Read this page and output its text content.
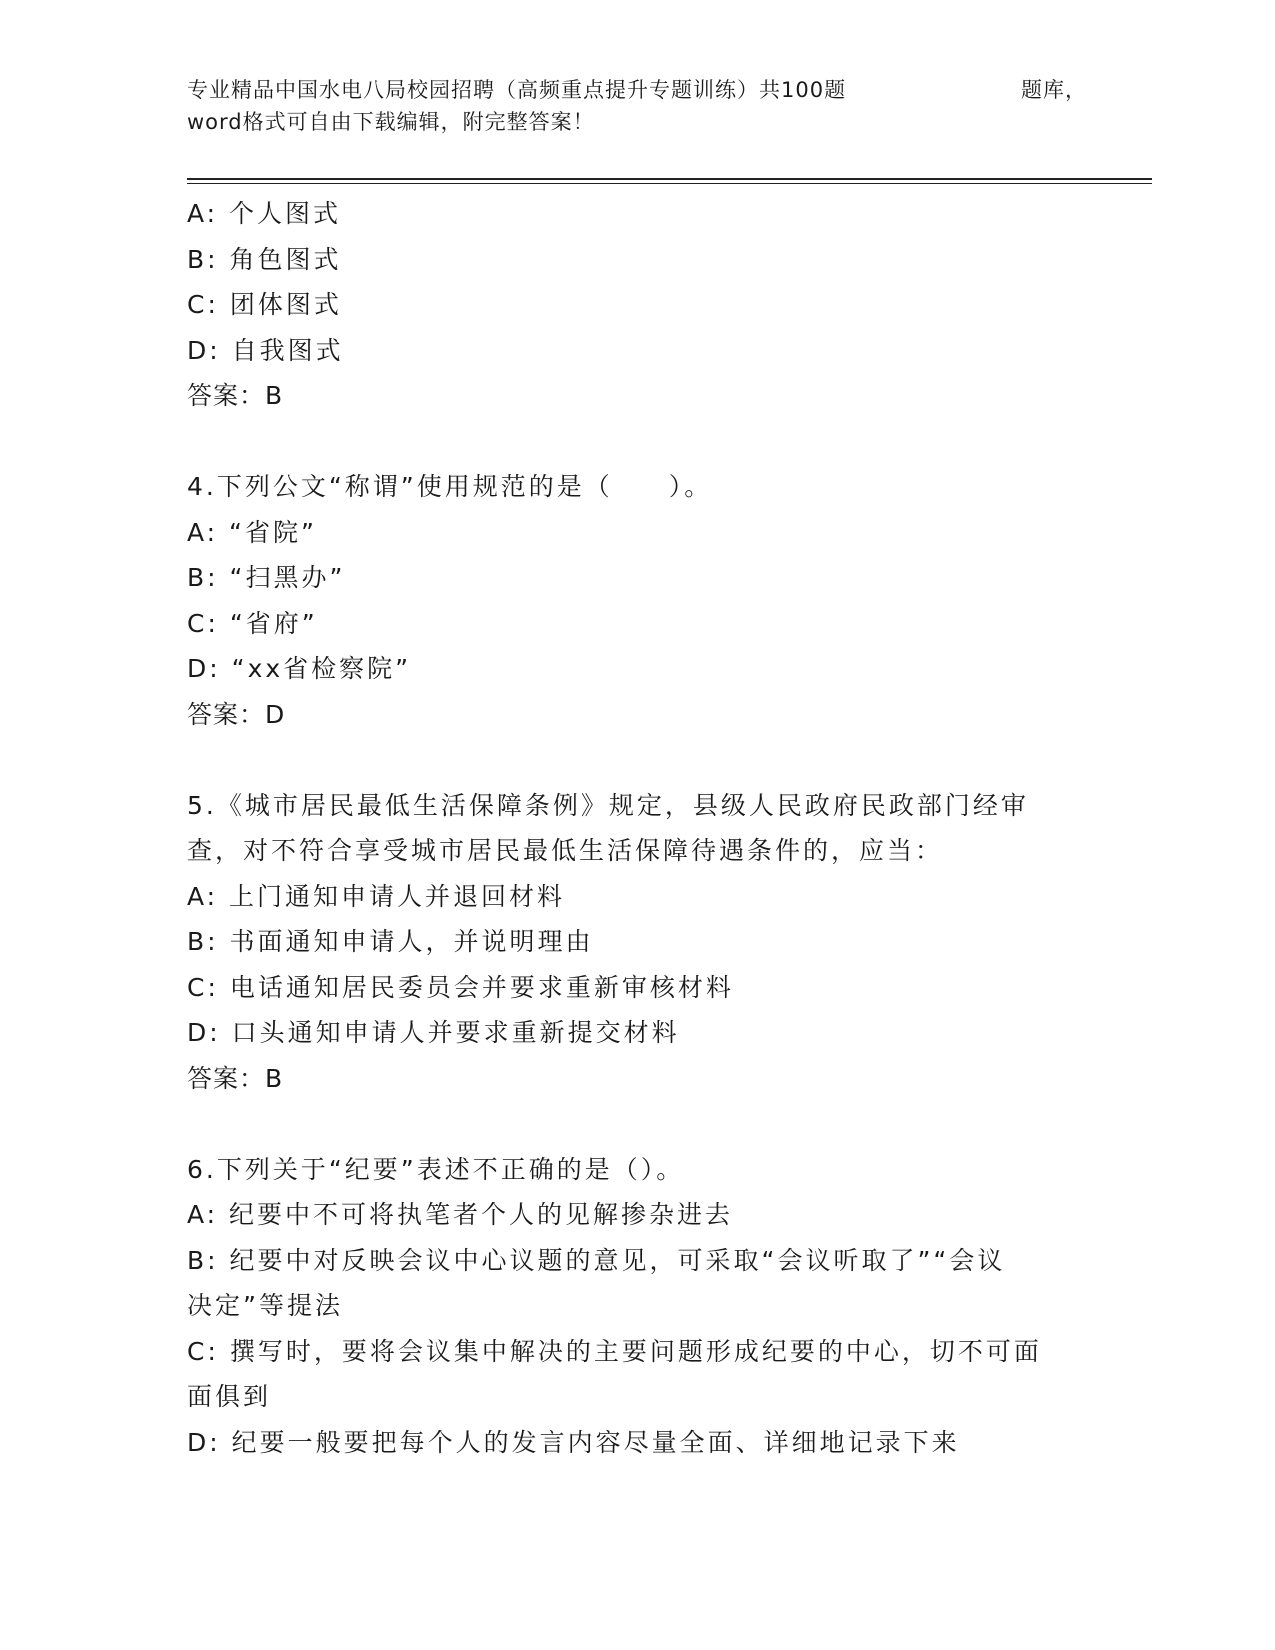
专业精品中国水电八局校园招聘（高频重点提升专题训练）共100题	题库，
word格式可自由下载编辑，附完整答案！
A: 个人图式
B: 角色图式
C: 团体图式
D: 自我图式
答案：B
4.下列公文“称谓”使用规范的是（　　）。
A: “省院”
B: “扫黑办”
C: “省府”
D: “xx省检察院”
答案：D
5.《城市居民最低生活保障条例》规定，县级人民政府民政部门经审
查，对不符合享受城市居民最低生活保障待遇条件的，应当：
A: 上门通知申请人并退回材料
B: 书面通知申请人，并说明理由
C: 电话通知居民委员会并要求重新审核材料
D: 口头通知申请人并要求重新提交材料
答案：B
6.下列关于“纪要”表述不正确的是（）。
A: 纪要中不可将执笔者个人的见解掺杂进去
B: 纪要中对反映会议中心议题的意见，可采取“会议听取了”“会议
决定”等提法
C: 撰写时，要将会议集中解决的主要问题形成纪要的中心，切不可面
面俱到
D: 纪要一般要把每个人的发言内容尽量全面、详细地记录下来
